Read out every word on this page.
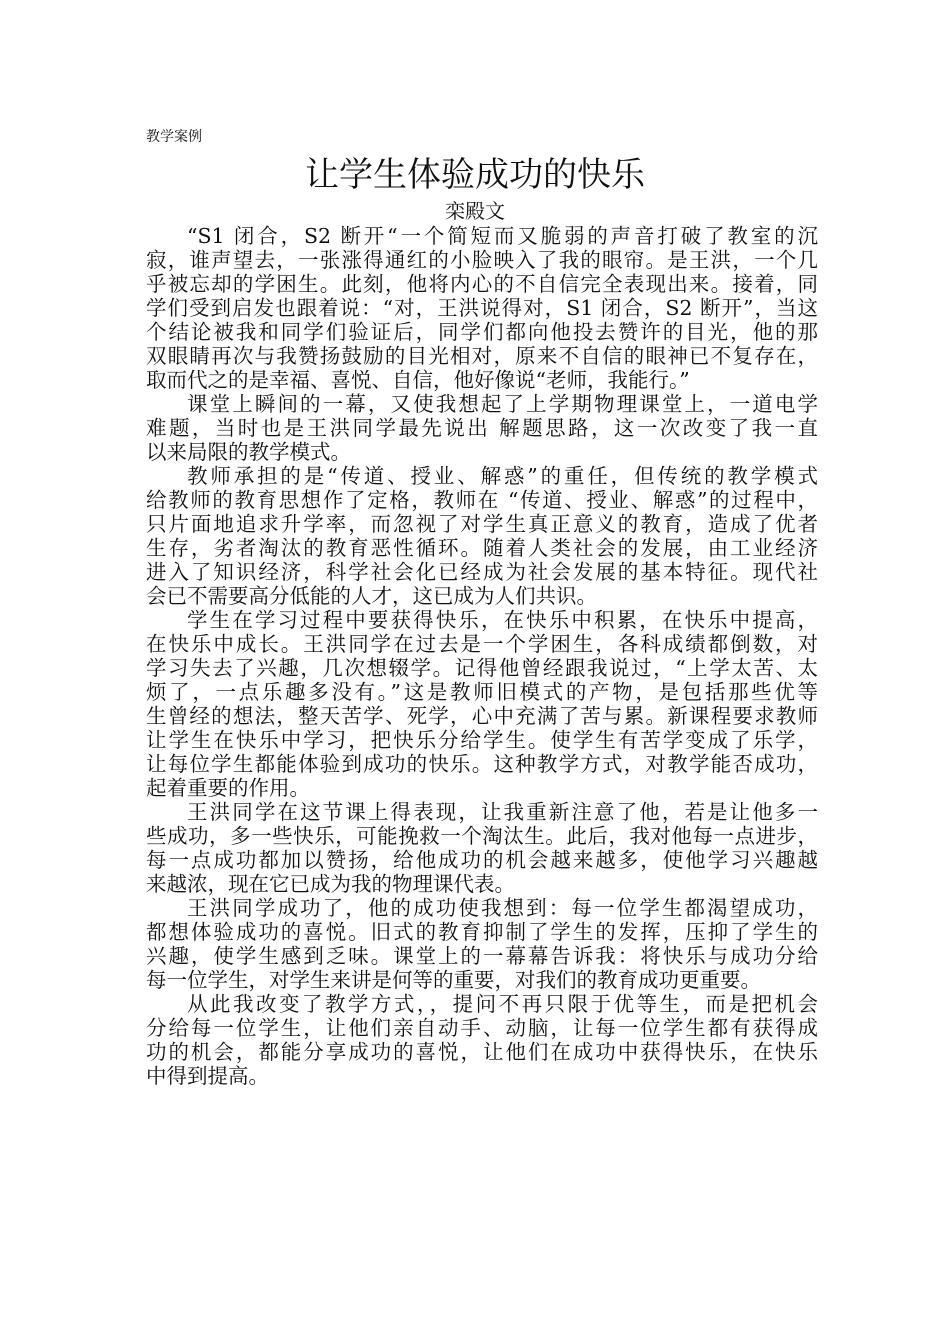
教学案例
让学生体验成功的快乐
栾殿文
“S1 闭合，S2 断开“一个简短而又脆弱的声音打破了教室的沉
寂，谁声望去，一张涨得通红的小脸映入了我的眼帘。是王洪，一个几
乎被忘却的学困生。此刻，他将内心的不自信完全表现出来。接着，同
学们受到启发也跟着说：“对，王洪说得对，S1 闭合，S2 断开”，当这
个结论被我和同学们验证后，同学们都向他投去赞许的目光，他的那
双眼睛再次与我赞扬鼓励的目光相对，原来不自信的眼神已不复存在，
取而代之的是幸福、喜悦、自信，他好像说“老师，我能行。”
课堂上瞬间的一幕，又使我想起了上学期物理课堂上，一道电学
难题，当时也是王洪同学最先说出 解题思路，这一次改变了我一直
以来局限的教学模式。
教师承担的是“传道、授业、解惑”的重任，但传统的教学模式
给教师的教育思想作了定格，教师在 “传道、授业、解惑”的过程中，
只片面地追求升学率，而忽视了对学生真正意义的教育，造成了优者
生存，劣者淘汰的教育恶性循环。随着人类社会的发展，由工业经济
进入了知识经济，科学社会化已经成为社会发展的基本特征。现代社
会已不需要高分低能的人才，这已成为人们共识。
学生在学习过程中要获得快乐，在快乐中积累，在快乐中提高，
在快乐中成长。王洪同学在过去是一个学困生，各科成绩都倒数，对
学习失去了兴趣，几次想辍学。记得他曾经跟我说过，“上学太苦、太
烦了，一点乐趣多没有。”这是教师旧模式的产物，是包括那些优等
生曾经的想法，整天苦学、死学，心中充满了苦与累。新课程要求教师
让学生在快乐中学习，把快乐分给学生。使学生有苦学变成了乐学，
让每位学生都能体验到成功的快乐。这种教学方式，对教学能否成功，
起着重要的作用。
王洪同学在这节课上得表现，让我重新注意了他，若是让他多一
些成功，多一些快乐，可能挽救一个淘汰生。此后，我对他每一点进步，
每一点成功都加以赞扬，给他成功的机会越来越多，使他学习兴趣越
来越浓，现在它已成为我的物理课代表。
王洪同学成功了，他的成功使我想到：每一位学生都渴望成功，
都想体验成功的喜悦。旧式的教育抑制了学生的发挥，压抑了学生的
兴趣，使学生感到乏味。课堂上的一幕幕告诉我：将快乐与成功分给
每一位学生，对学生来讲是何等的重要，对我们的教育成功更重要。
从此我改变了教学方式，，提问不再只限于优等生，而是把机会
分给每一位学生，让他们亲自动手、动脑，让每一位学生都有获得成
功的机会，都能分享成功的喜悦，让他们在成功中获得快乐，在快乐
中得到提高。
